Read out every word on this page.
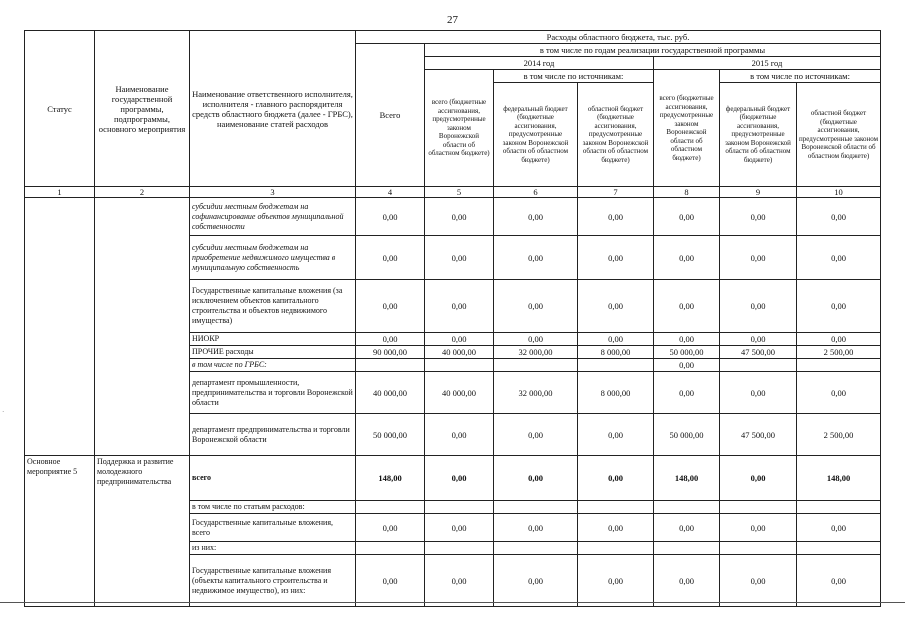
27
·
Статус	Наименование государственной программы, подпрограммы, основного мероприятия	Наименование ответственного исполнителя, исполнителя - главного распорядителя средств областного бюджета (далее - ГРБС), наименование статей расходов	Расходы областного бюджета, тыс. руб.						
			Всего	в том числе по годам реализации государственной программы					
				2014 год			2015 год		
				всего (бюджетные ассигнования, предусмотренные законом Воронежской области об областном бюджете)	в том числе по источникам:		всего (бюджетные ассигнования, предусмотренные законом Воронежской области об областном бюджете)	в том числе по источникам:	
					федеральный бюджет (бюджетные ассигнования, предусмотренные законом Воронежской области об областном бюджете)	областной бюджет (бюджетные ассигнования, предусмотренные законом Воронежской области об областном бюджете)		федеральный бюджет (бюджетные ассигнования, предусмотренные законом Воронежской области об областном бюджете)	областной бюджет (бюджетные ассигнования, предусмотренные законом Воронежской области об областном бюджете)
1	2	3	4	5	6	7	8	9	10
		субсидии местным бюджетам на софинансирование объектов муниципальной собственности	0,00	0,00	0,00	0,00	0,00	0,00	0,00
		субсидии местным бюджетам на приобретение недвижимого имущества в муниципальную собственность	0,00	0,00	0,00	0,00	0,00	0,00	0,00
		Государственные капитальные вложения (за исключением объектов капитального строительства и объектов недвижимого имущества)	0,00	0,00	0,00	0,00	0,00	0,00	0,00
		НИОКР	0,00	0,00	0,00	0,00	0,00	0,00	0,00
		ПРОЧИЕ расходы	90 000,00	40 000,00	32 000,00	8 000,00	50 000,00	47 500,00	2 500,00
		в том числе по ГРБС:					0,00		
		департамент промышленности, предпринимательства и торговли Воронежской области	40 000,00	40 000,00	32 000,00	8 000,00	0,00	0,00	0,00
		департамент предпринимательства и торговли Воронежской области	50 000,00	0,00	0,00	0,00	50 000,00	47 500,00	2 500,00
Основное мероприятие 5	Поддержка и развитие молодежного предпринимательства	всего	148,00	0,00	0,00	0,00	148,00	0,00	148,00
		в том числе по статьям расходов:							
		Государственные капитальные вложения, всего	0,00	0,00	0,00	0,00	0,00	0,00	0,00
		из них:							
		Государственные капитальные вложения (объекты капитального строительства и недвижимое имущество), из них:	0,00	0,00	0,00	0,00	0,00	0,00	0,00
